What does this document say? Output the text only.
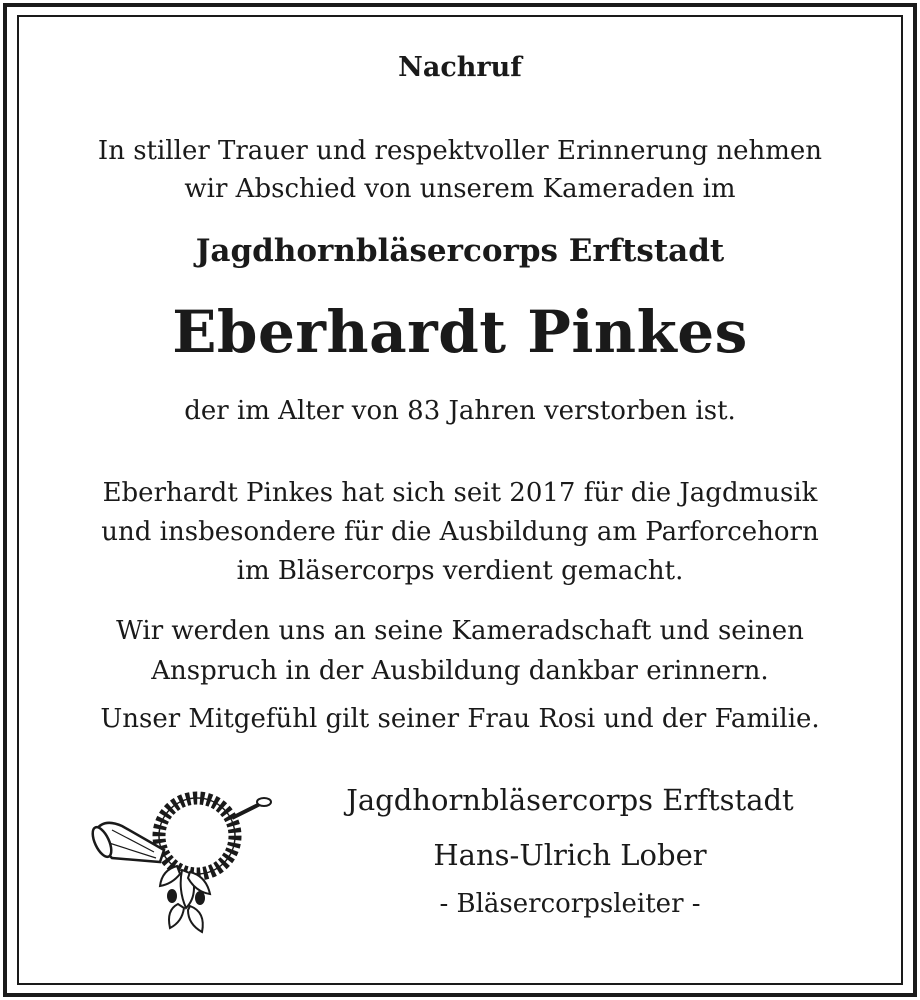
Nachruf

In stiller Trauer und respektvoller Erinnerung nehmen

wir Abschied von unserem Kameraden im

Jagdhornbläsercorps Erftstadt
Eberhardt Pinkes
der im Alter von 83 Jahren verstorben ist.

Eberhardt Pinkes hat sich seit 2017 für die Jagdmusik

und insbesondere für die Ausbildung am Parforcehorn

im Bläsercorps verdient gemacht.

Wir werden uns an seine Kameradschaft und seinen

Anspruch in der Ausbildung dankbar erinnern.

Unser Mitgefühl gilt seiner Frau Rosi und der Familie.
Jagdhornbläsercorps Erftstadt
Hans-Ulrich Lober
- Bläsercorpsleiter -
